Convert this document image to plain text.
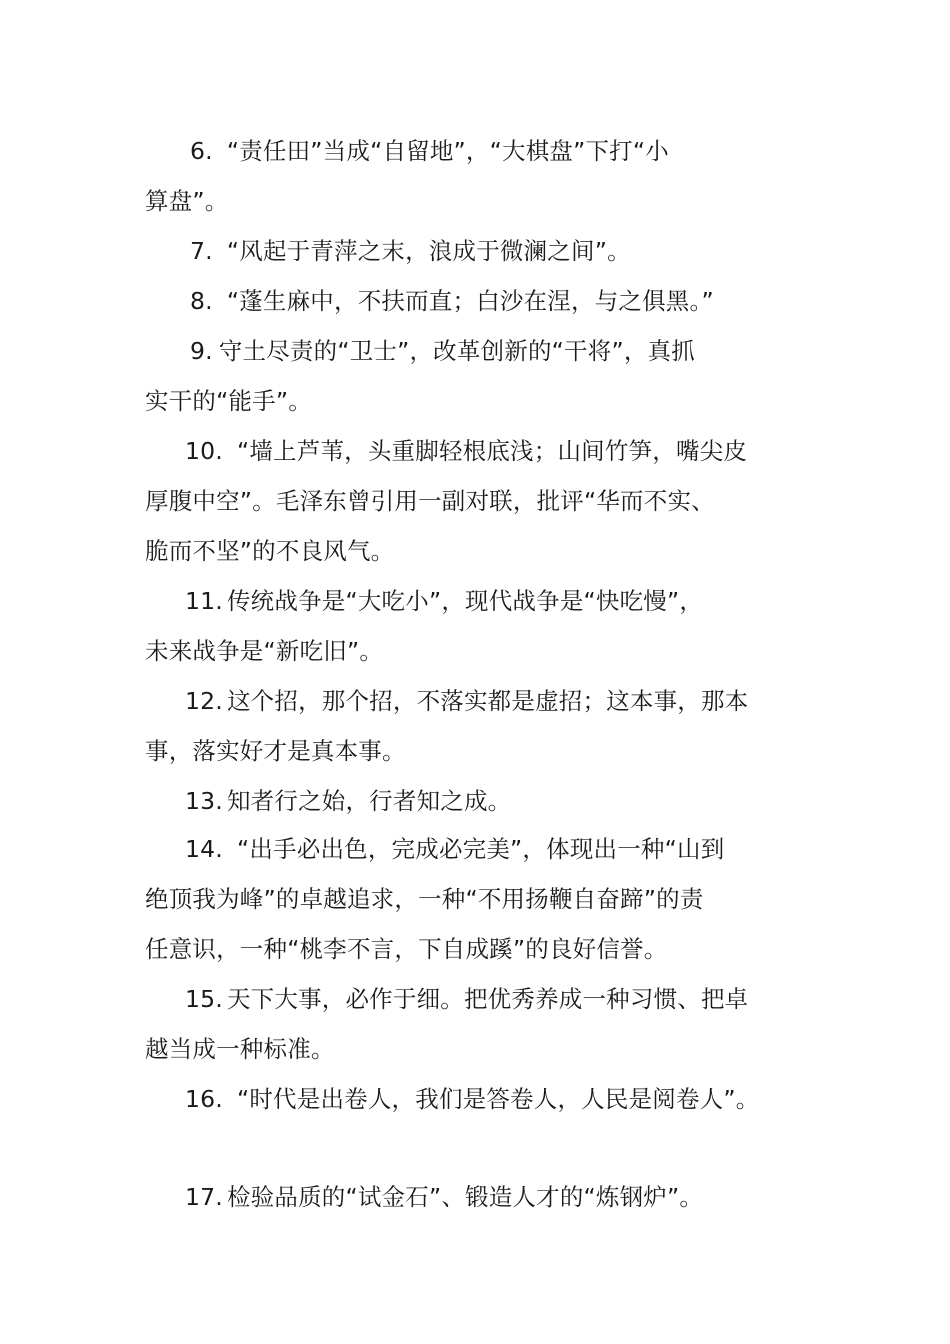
6. “责任田”当成“自留地”，“大棋盘”下打“小
算盘”。
7. “风起于青萍之末，浪成于微澜之间”。
8. “蓬生麻中，不扶而直；白沙在涅，与之俱黑。”
9. 守土尽责的“卫士”，改革创新的“干将”，真抓
实干的“能手”。
10. “墙上芦苇，头重脚轻根底浅；山间竹笋，嘴尖皮
厚腹中空”。毛泽东曾引用一副对联，批评“华而不实、
脆而不坚”的不良风气。
11. 传统战争是“大吃小”，现代战争是“快吃慢”，
未来战争是“新吃旧”。
12. 这个招，那个招，不落实都是虚招；这本事，那本
事，落实好才是真本事。
13. 知者行之始，行者知之成。
14. “出手必出色，完成必完美”，体现出一种“山到
绝顶我为峰”的卓越追求，一种“不用扬鞭自奋蹄”的责
任意识，一种“桃李不言，下自成蹊”的良好信誉。
15. 天下大事，必作于细。把优秀养成一种习惯、把卓
越当成一种标准。
16. “时代是出卷人，我们是答卷人，人民是阅卷人”。
17. 检验品质的“试金石”、锻造人才的“炼钢炉”。
